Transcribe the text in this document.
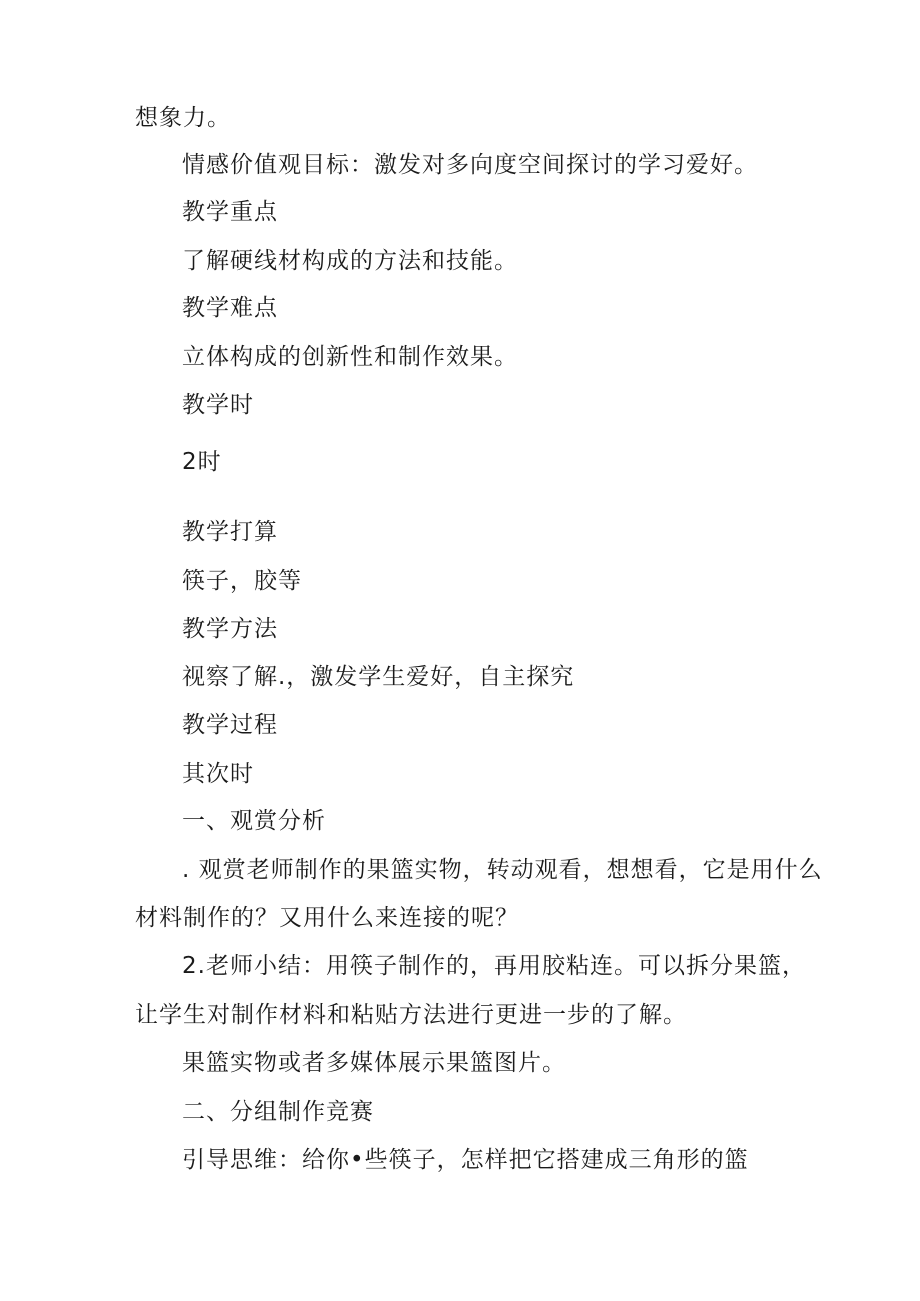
想象力。
情感价值观目标：激发对多向度空间探讨的学习爱好。
教学重点
了解硬线材构成的方法和技能。
教学难点
立体构成的创新性和制作效果。
教学时
2时
教学打算
筷子，胶等
教学方法
视察了解.，激发学生爱好，自主探究
教学过程
其次时
一、观赏分析
. 观赏老师制作的果篮实物，转动观看，想想看，它是用什么
材料制作的？又用什么来连接的呢？
2.老师小结：用筷子制作的，再用胶粘连。可以拆分果篮，
让学生对制作材料和粘贴方法进行更进一步的了解。
果篮实物或者多媒体展示果篮图片。
二、分组制作竞赛
引导思维：给你•些筷子，怎样把它搭建成三角形的篮
